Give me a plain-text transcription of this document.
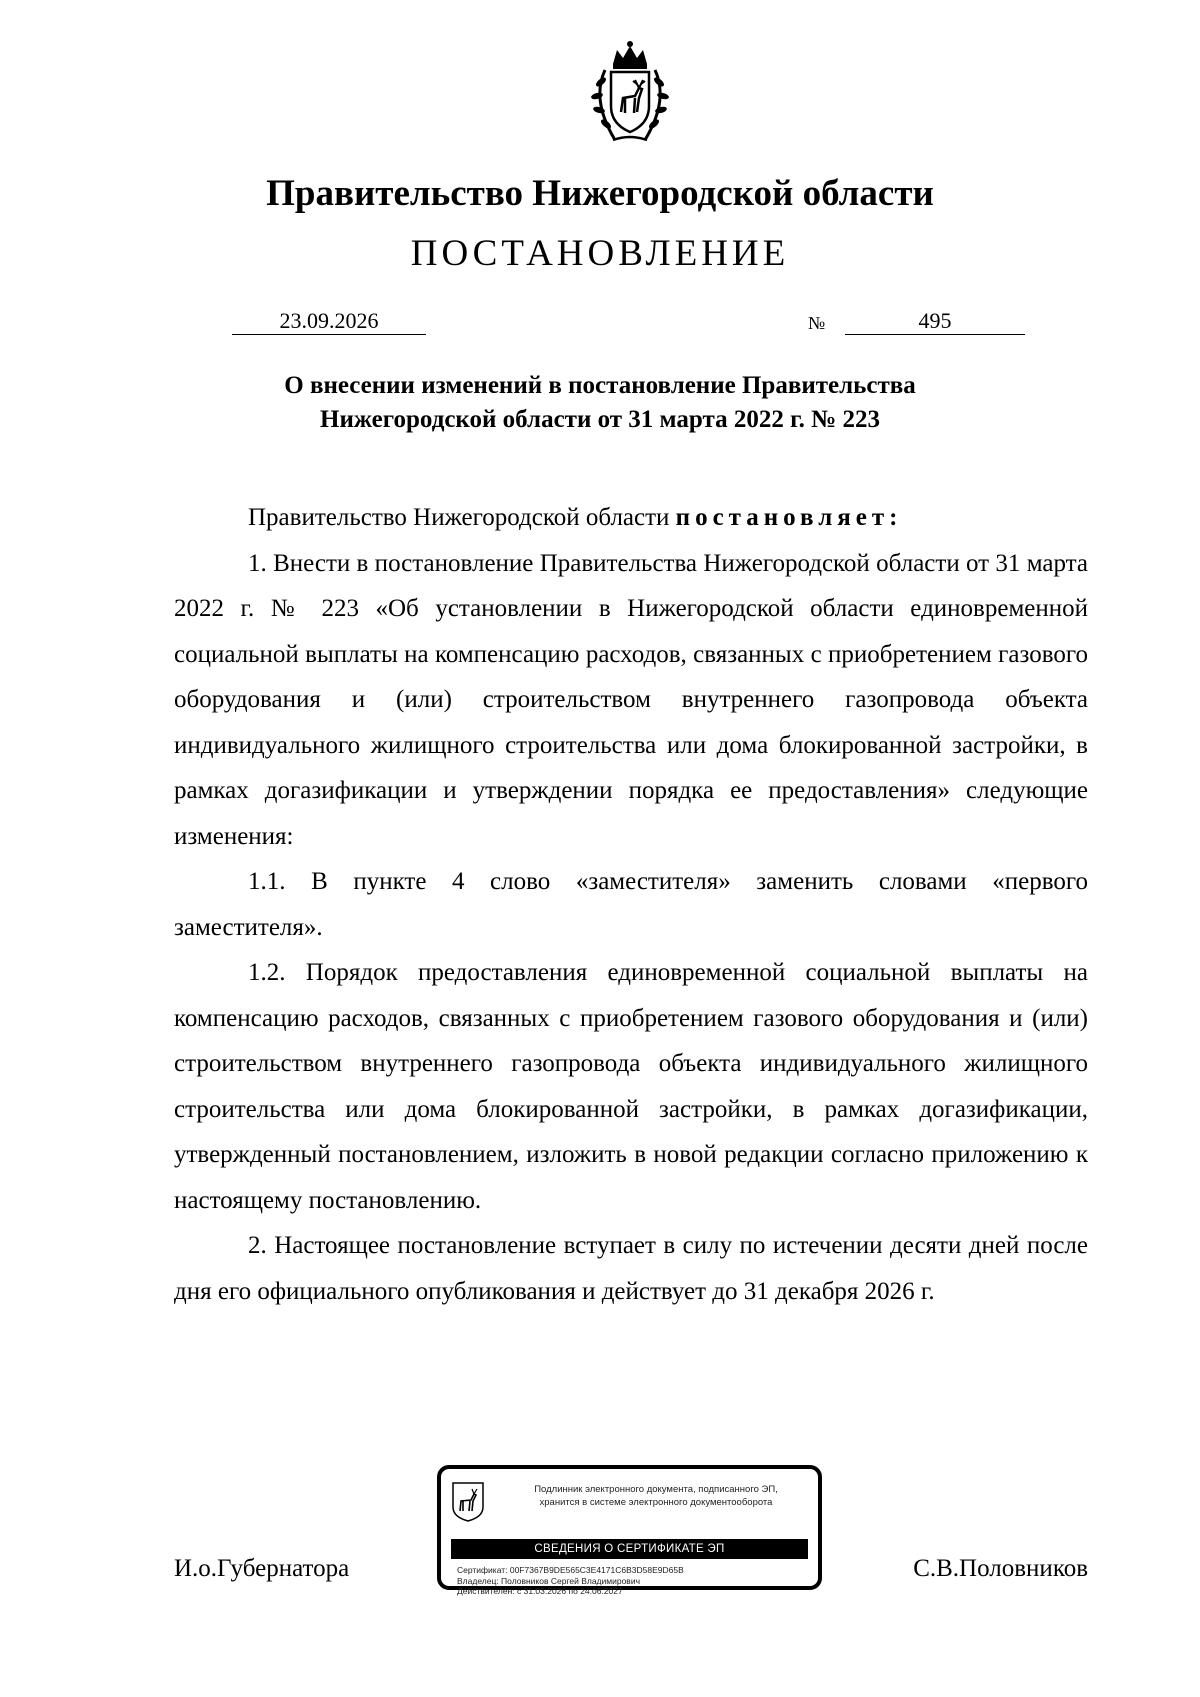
Правительство Нижегородской области
ПОСТАНОВЛЕНИЕ
23.09.2026	№	495
О внесении изменений в постановление Правительства
Нижегородской области от 31 марта 2022 г. № 223

Правительство Нижегородской области постановляет:

1. Внести в постановление Правительства Нижегородской области от 31 марта 2022 г. № 223 «Об установлении в Нижегородской области единовременной социальной выплаты на компенсацию расходов, связанных с приобретением газового оборудования и (или) строительством внутреннего газопровода объекта индивидуального жилищного строительства или дома блокированной застройки, в рамках догазификации и утверждении порядка ее предоставления» следующие изменения:

1.1. В пункте 4 слово «заместителя» заменить словами «первого заместителя».

1.2. Порядок предоставления единовременной социальной выплаты на компенсацию расходов, связанных с приобретением газового оборудования и (или) строительством внутреннего газопровода объекта индивидуального жилищного строительства или дома блокированной застройки, в рамках догазификации, утвержденный постановлением, изложить в новой редакции согласно приложению к настоящему постановлению.

2. Настоящее постановление вступает в силу по истечении десяти дней после дня его официального опубликования и действует до 31 декабря 2026 г.

И.о.Губернатора	С.В.Половников
Подлинник электронного документа, подписанного ЭП,
хранится в системе электронного документооборота
СВЕДЕНИЯ О СЕРТИФИКАТЕ ЭП
Сертификат: 00F7367B9DE565C3E4171C6B3D58E9D65B
Владелец: Половников Сергей Владимирович
Действителен: с 31.03.2026 по 24.06.2027
